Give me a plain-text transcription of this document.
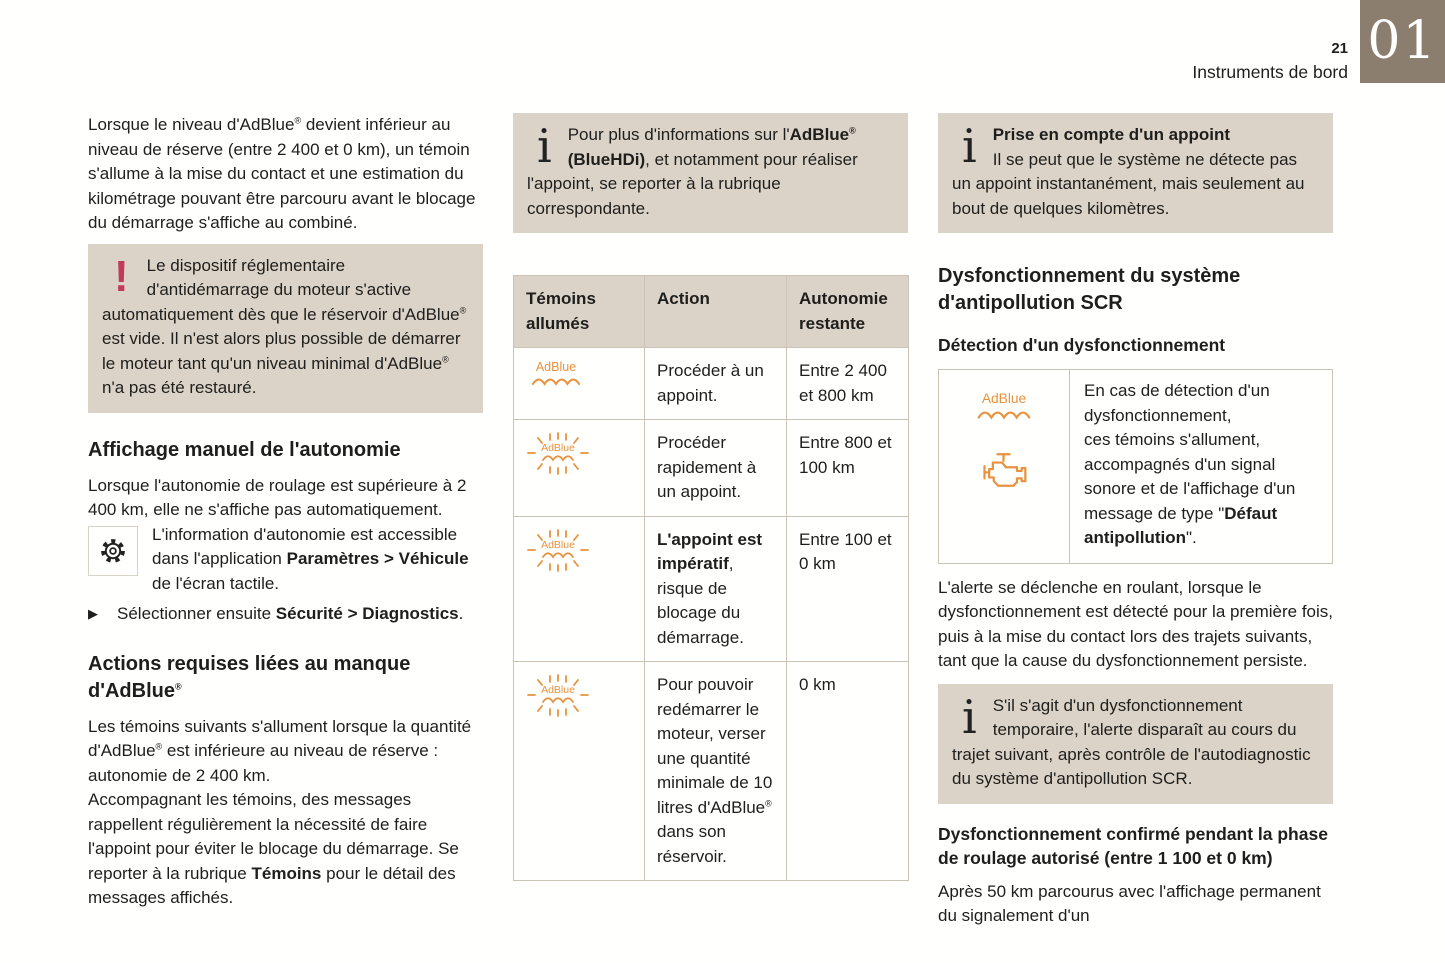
21
Instruments de bord
01

Lorsque le niveau d'AdBlue® devient inférieur au niveau de réserve (entre 2 400 et 0 km), un témoin s'allume à la mise du contact et une estimation du kilométrage pouvant être parcouru avant le blocage du démarrage s'affiche au combiné.

! Le dispositif réglementaire d'antidémarrage du moteur s'active automatiquement dès que le réservoir d'AdBlue® est vide. Il n'est alors plus possible de démarrer le moteur tant qu'un niveau minimal d'AdBlue® n'a pas été restauré.
Affichage manuel de l'autonomie

Lorsque l'autonomie de roulage est supérieure à 2 400 km, elle ne s'affiche pas automatiquement.

L'information d'autonomie est accessible dans l'application Paramètres > Véhicule de l'écran tactile.
▶	Sélectionner ensuite Sécurité > Diagnostics.
Actions requises liées au manque d'AdBlue®

Les témoins suivants s'allument lorsque la quantité d'AdBlue® est inférieure au niveau de réserve : autonomie de 2 400 km.

Accompagnant les témoins, des messages rappellent régulièrement la nécessité de faire l'appoint pour éviter le blocage du démarrage. Se reporter à la rubrique Témoins pour le détail des messages affichés.

i Pour plus d'informations sur l'AdBlue® (BlueHDi), et notamment pour réaliser l'appoint, se reporter à la rubrique correspondante.
Témoins allumés	Action	Autonomie restante
	Procéder à un appoint.	Entre 2 400 et 800 km
	Procéder rapidement à un appoint.	Entre 800 et 100 km
	L'appoint est impératif, risque de blocage du démarrage.	Entre 100 et 0 km
	Pour pouvoir redémarrer le moteur, verser une quantité minimale de 10 litres d'AdBlue® dans son réservoir.	0 km
i Prise en compte d'un appoint
Il se peut que le système ne détecte pas un appoint instantanément, mais seulement au bout de quelques kilomètres.
Dysfonctionnement du système d'antipollution SCR
Détection d'un dysfonctionnement
En cas de détection d'un dysfonctionnement,
ces témoins s'allument, accompagnés d'un signal sonore et de l'affichage d'un message de type "Défaut antipollution".

L'alerte se déclenche en roulant, lorsque le dysfonctionnement est détecté pour la première fois, puis à la mise du contact lors des trajets suivants, tant que la cause du dysfonctionnement persiste.

i S'il s'agit d'un dysfonctionnement temporaire, l'alerte disparaît au cours du trajet suivant, après contrôle de l'autodiagnostic du système d'antipollution SCR.
Dysfonctionnement confirmé pendant la phase de roulage autorisé (entre 1 100 et 0 km)

Après 50 km parcourus avec l'affichage permanent du signalement d'un
